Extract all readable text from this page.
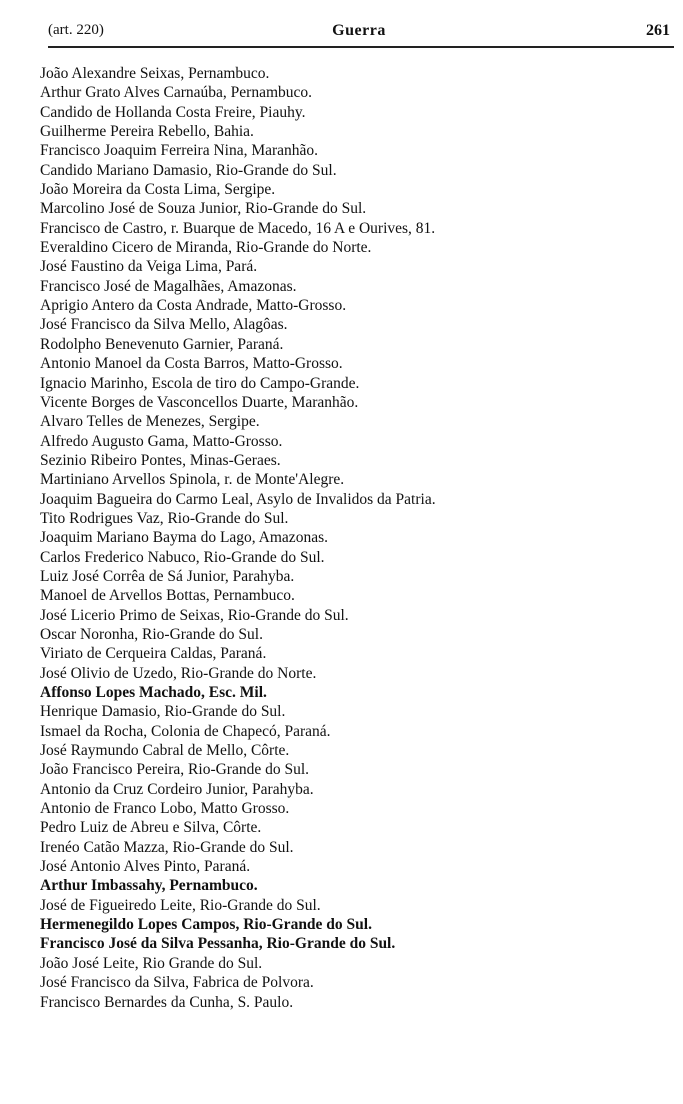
(art. 220)	Guerra	261
João Alexandre Seixas, Pernambuco.
Arthur Grato Alves Carnaúba, Pernambuco.
Candido de Hollanda Costa Freire, Piauhy.
Guilherme Pereira Rebello, Bahia.
Francisco Joaquim Ferreira Nina, Maranhão.
Candido Mariano Damasio, Rio-Grande do Sul.
João Moreira da Costa Lima, Sergipe.
Marcolino José de Souza Junior, Rio-Grande do Sul.
Francisco de Castro, r. Buarque de Macedo, 16 A e Ourives, 81.
Everaldino Cicero de Miranda, Rio-Grande do Norte.
José Faustino da Veiga Lima, Pará.
Francisco José de Magalhães, Amazonas.
Aprigio Antero da Costa Andrade, Matto-Grosso.
José Francisco da Silva Mello, Alagôas.
Rodolpho Benevenuto Garnier, Paraná.
Antonio Manoel da Costa Barros, Matto-Grosso.
Ignacio Marinho, Escola de tiro do Campo-Grande.
Vicente Borges de Vasconcellos Duarte, Maranhão.
Alvaro Telles de Menezes, Sergipe.
Alfredo Augusto Gama, Matto-Grosso.
Sezinio Ribeiro Pontes, Minas-Geraes.
Martiniano Arvellos Spinola, r. de Monte'Alegre.
Joaquim Bagueira do Carmo Leal, Asylo de Invalidos da Patria.
Tito Rodrigues Vaz, Rio-Grande do Sul.
Joaquim Mariano Bayma do Lago, Amazonas.
Carlos Frederico Nabuco, Rio-Grande do Sul.
Luiz José Corrêa de Sá Junior, Parahyba.
Manoel de Arvellos Bottas, Pernambuco.
José Licerio Primo de Seixas, Rio-Grande do Sul.
Oscar Noronha, Rio-Grande do Sul.
Viriato de Cerqueira Caldas, Paraná.
José Olivio de Uzedo, Rio-Grande do Norte.
Affonso Lopes Machado, Esc. Mil.
Henrique Damasio, Rio-Grande do Sul.
Ismael da Rocha, Colonia de Chapecó, Paraná.
José Raymundo Cabral de Mello, Côrte.
João Francisco Pereira, Rio-Grande do Sul.
Antonio da Cruz Cordeiro Junior, Parahyba.
Antonio de Franco Lobo, Matto Grosso.
Pedro Luiz de Abreu e Silva, Côrte.
Irenéo Catão Mazza, Rio-Grande do Sul.
José Antonio Alves Pinto, Paraná.
Arthur Imbassahy, Pernambuco.
José de Figueiredo Leite, Rio-Grande do Sul.
Hermenegildo Lopes Campos, Rio-Grande do Sul.
Francisco José da Silva Pessanha, Rio-Grande do Sul.
João José Leite, Rio Grande do Sul.
José Francisco da Silva, Fabrica de Polvora.
Francisco Bernardes da Cunha, S. Paulo.
